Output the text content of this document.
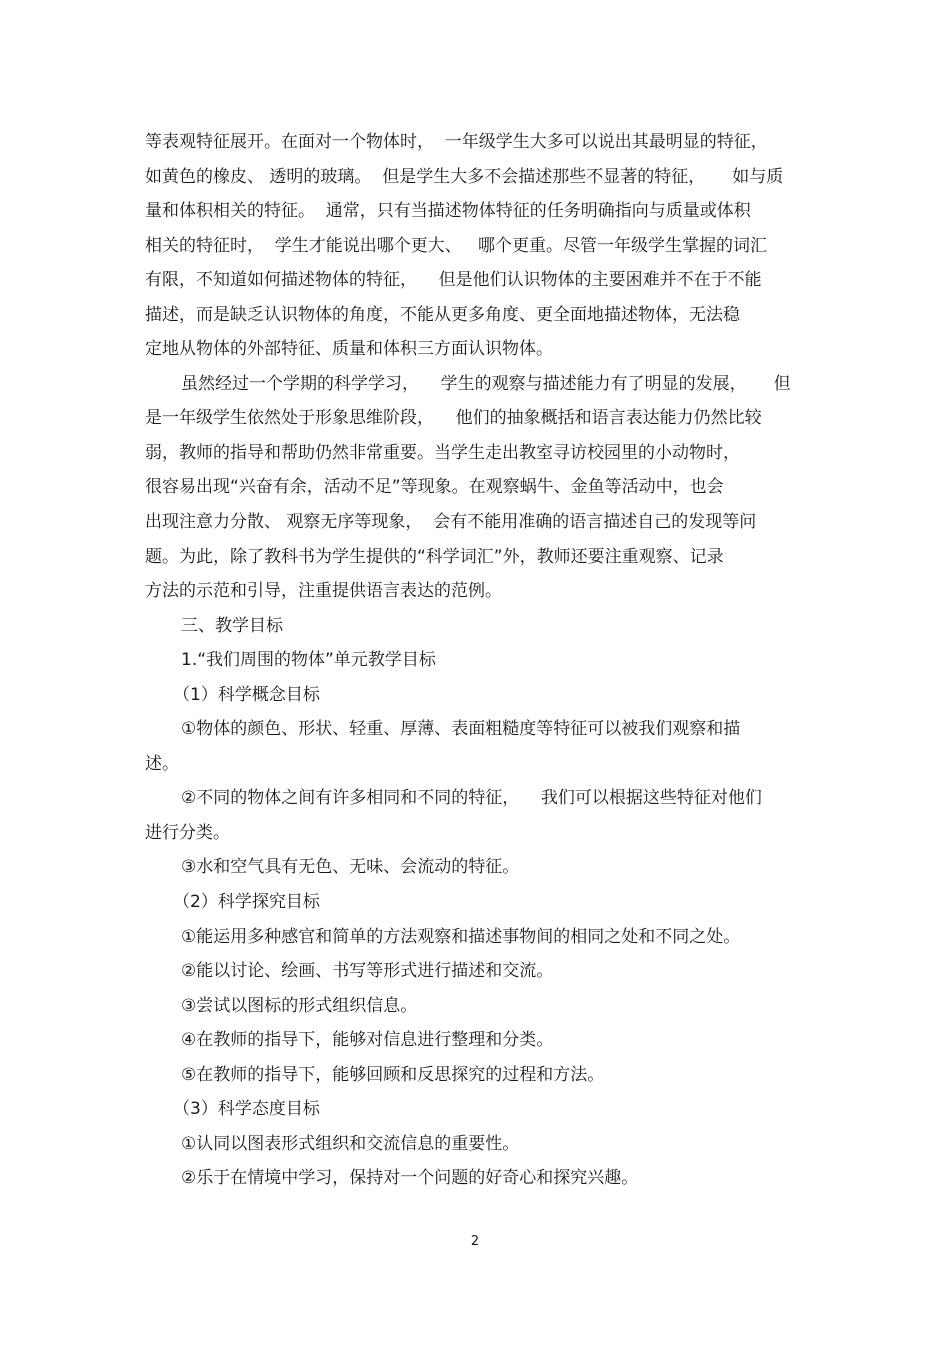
等表观特征展开。在面对一个物体时，  一年级学生大多可以说出其最明显的特征，
如黄色的橡皮、 透明的玻璃。  但是学生大多不会描述那些不显著的特征，     如与质
量和体积相关的特征。  通常，只有当描述物体特征的任务明确指向与质量或体积
相关的特征时，  学生才能说出哪个更大、   哪个更重。尽管一年级学生掌握的词汇
有限，不知道如何描述物体的特征，    但是他们认识物体的主要困难并不在于不能
描述，而是缺乏认识物体的角度，不能从更多角度、更全面地描述物体，无法稳
定地从物体的外部特征、质量和体积三方面认识物体。
虽然经过一个学期的科学学习，    学生的观察与描述能力有了明显的发展，     但
是一年级学生依然处于形象思维阶段，    他们的抽象概括和语言表达能力仍然比较
弱，教师的指导和帮助仍然非常重要。当学生走出教室寻访校园里的小动物时，
很容易出现“兴奋有余，活动不足”等现象。在观察蜗牛、金鱼等活动中，也会
出现注意力分散、 观察无序等现象，  会有不能用准确的语言描述自己的发现等问
题。为此，除了教科书为学生提供的“科学词汇”外，教师还要注重观察、记录
方法的示范和引导，注重提供语言表达的范例。
三、教学目标
1.“我们周围的物体”单元教学目标
（1）科学概念目标
①物体的颜色、形状、轻重、厚薄、表面粗糙度等特征可以被我们观察和描
述。
②不同的物体之间有许多相同和不同的特征，    我们可以根据这些特征对他们
进行分类。
③水和空气具有无色、无味、会流动的特征。
（2）科学探究目标
①能运用多种感官和简单的方法观察和描述事物间的相同之处和不同之处。
②能以讨论、绘画、书写等形式进行描述和交流。
③尝试以图标的形式组织信息。
④在教师的指导下，能够对信息进行整理和分类。
⑤在教师的指导下，能够回顾和反思探究的过程和方法。
（3）科学态度目标
①认同以图表形式组织和交流信息的重要性。
②乐于在情境中学习，保持对一个问题的好奇心和探究兴趣。
2
